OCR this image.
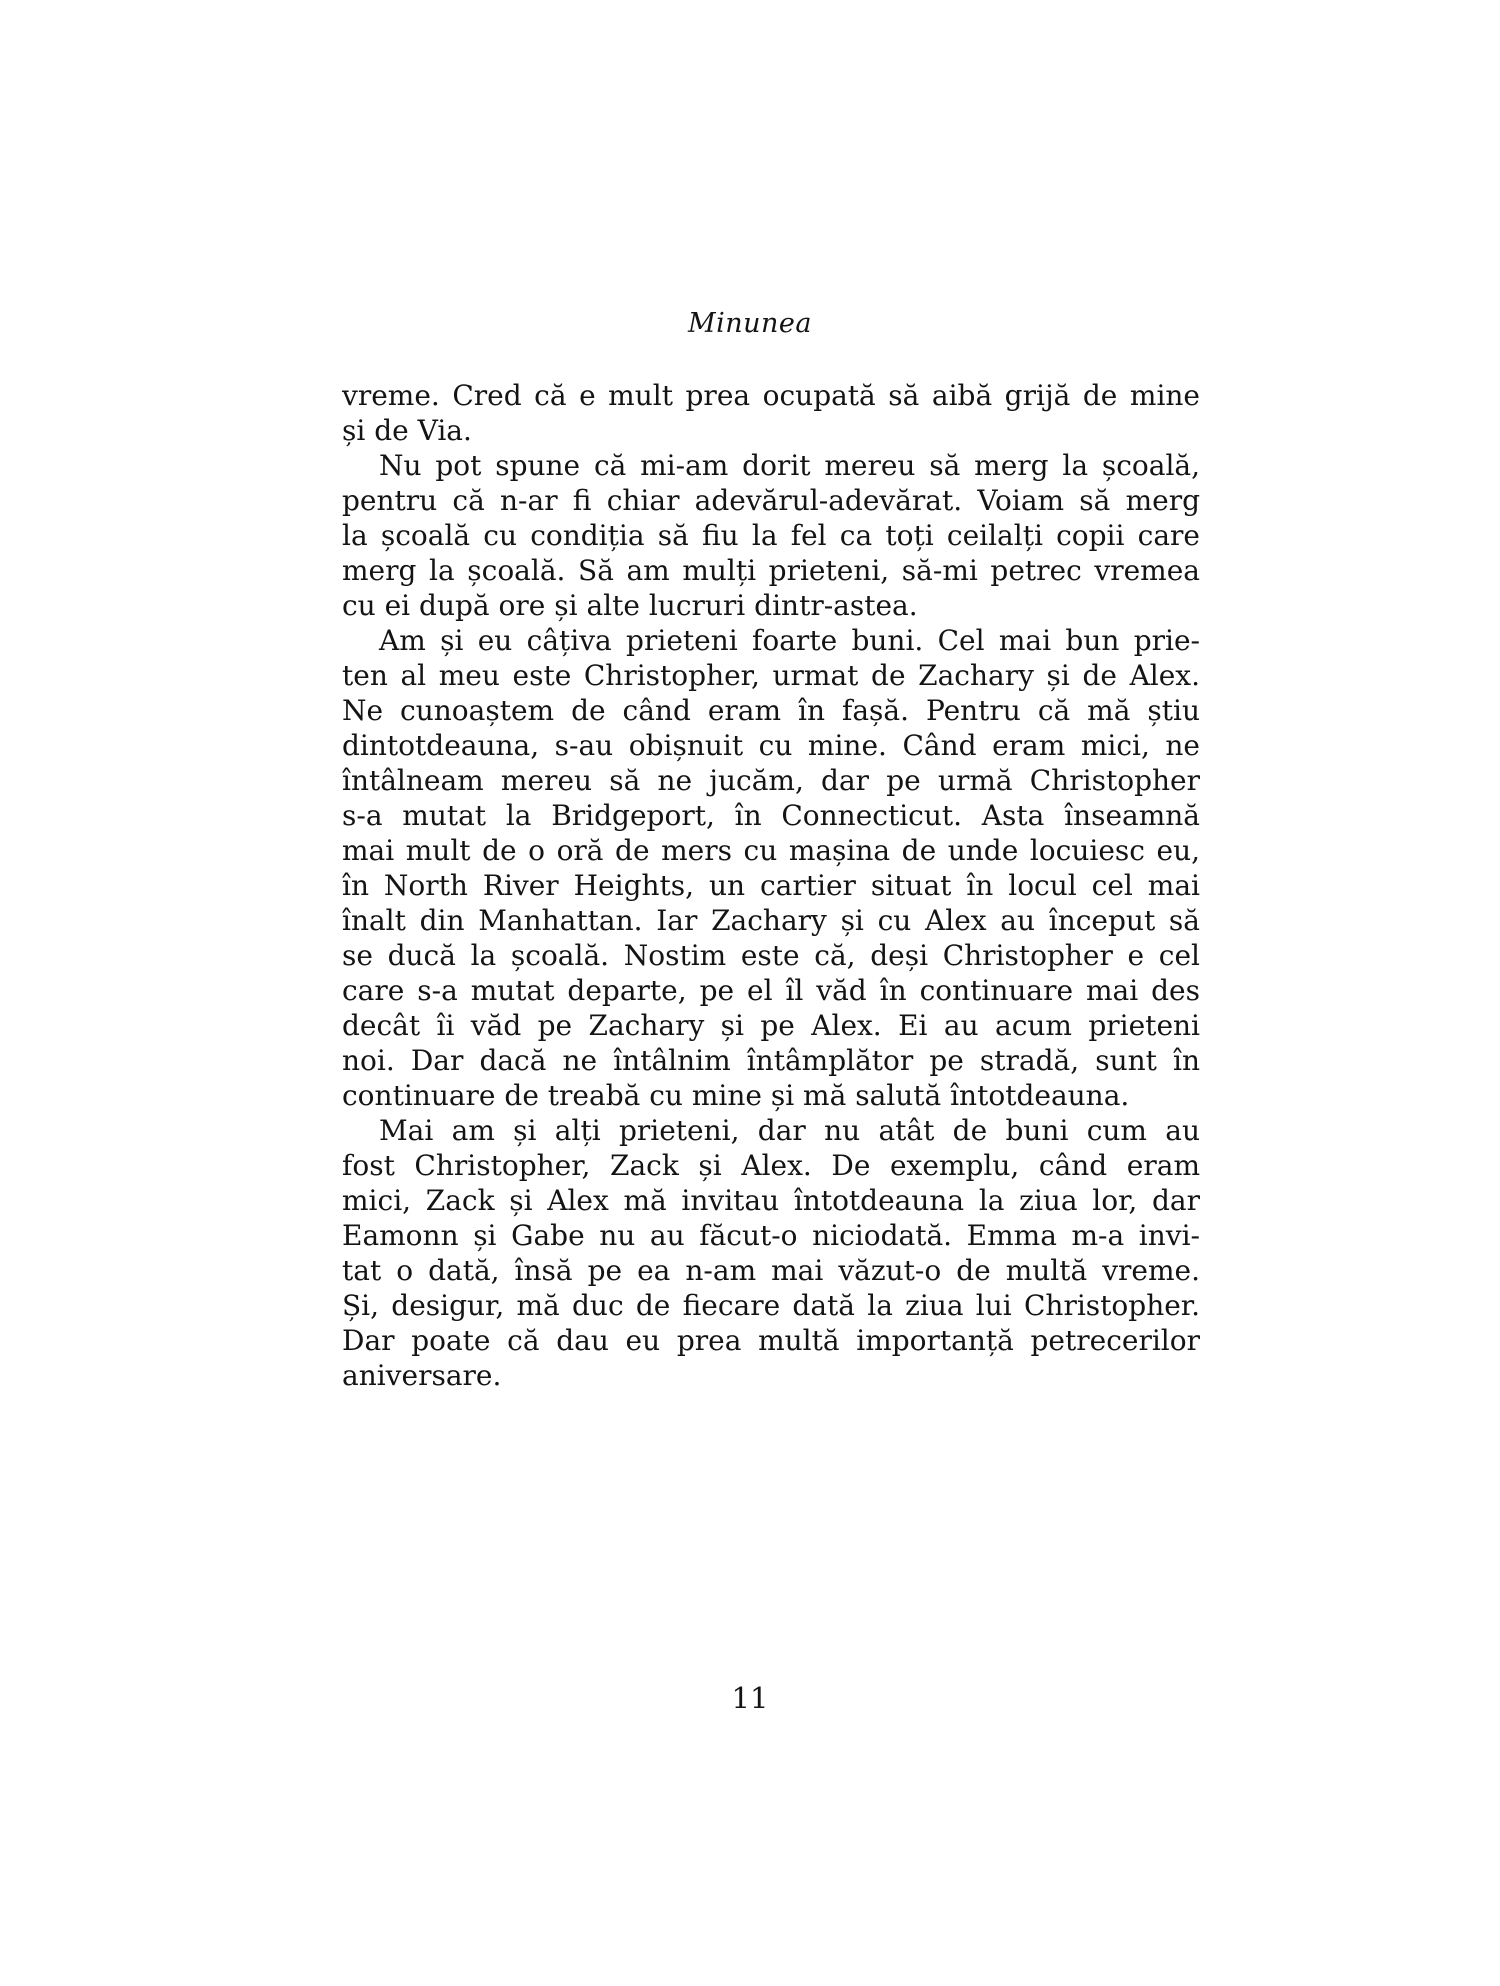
Minunea
vreme. Cred că e mult prea ocupată să aibă grijă de mine
și de Via.
Nu pot spune că mi-am dorit mereu să merg la școală,
pentru că n-ar fi chiar adevărul-adevărat. Voiam să merg
la școală cu condiția să fiu la fel ca toți ceilalți copii care
merg la școală. Să am mulți prieteni, să-mi petrec vremea
cu ei după ore și alte lucruri dintr-astea.
Am și eu câțiva prieteni foarte buni. Cel mai bun prie-
ten al meu este Christopher, urmat de Zachary și de Alex.
Ne cunoaștem de când eram în fașă. Pentru că mă știu
dintotdeauna, s-au obișnuit cu mine. Când eram mici, ne
întâlneam mereu să ne jucăm, dar pe urmă Christopher
s-a mutat la Bridgeport, în Connecticut. Asta înseamnă
mai mult de o oră de mers cu mașina de unde locuiesc eu,
în North River Heights, un cartier situat în locul cel mai
înalt din Manhattan. Iar Zachary și cu Alex au început să
se ducă la școală. Nostim este că, deși Christopher e cel
care s-a mutat departe, pe el îl văd în continuare mai des
decât îi văd pe Zachary și pe Alex. Ei au acum prieteni
noi. Dar dacă ne întâlnim întâmplător pe stradă, sunt în
continuare de treabă cu mine și mă salută întotdeauna.
Mai am și alți prieteni, dar nu atât de buni cum au
fost Christopher, Zack și Alex. De exemplu, când eram
mici, Zack și Alex mă invitau întotdeauna la ziua lor, dar
Eamonn și Gabe nu au făcut-o niciodată. Emma m-a invi-
tat o dată, însă pe ea n-am mai văzut-o de multă vreme.
Și, desigur, mă duc de fiecare dată la ziua lui Christopher.
Dar poate că dau eu prea multă importanță petrecerilor
aniversare.
11
